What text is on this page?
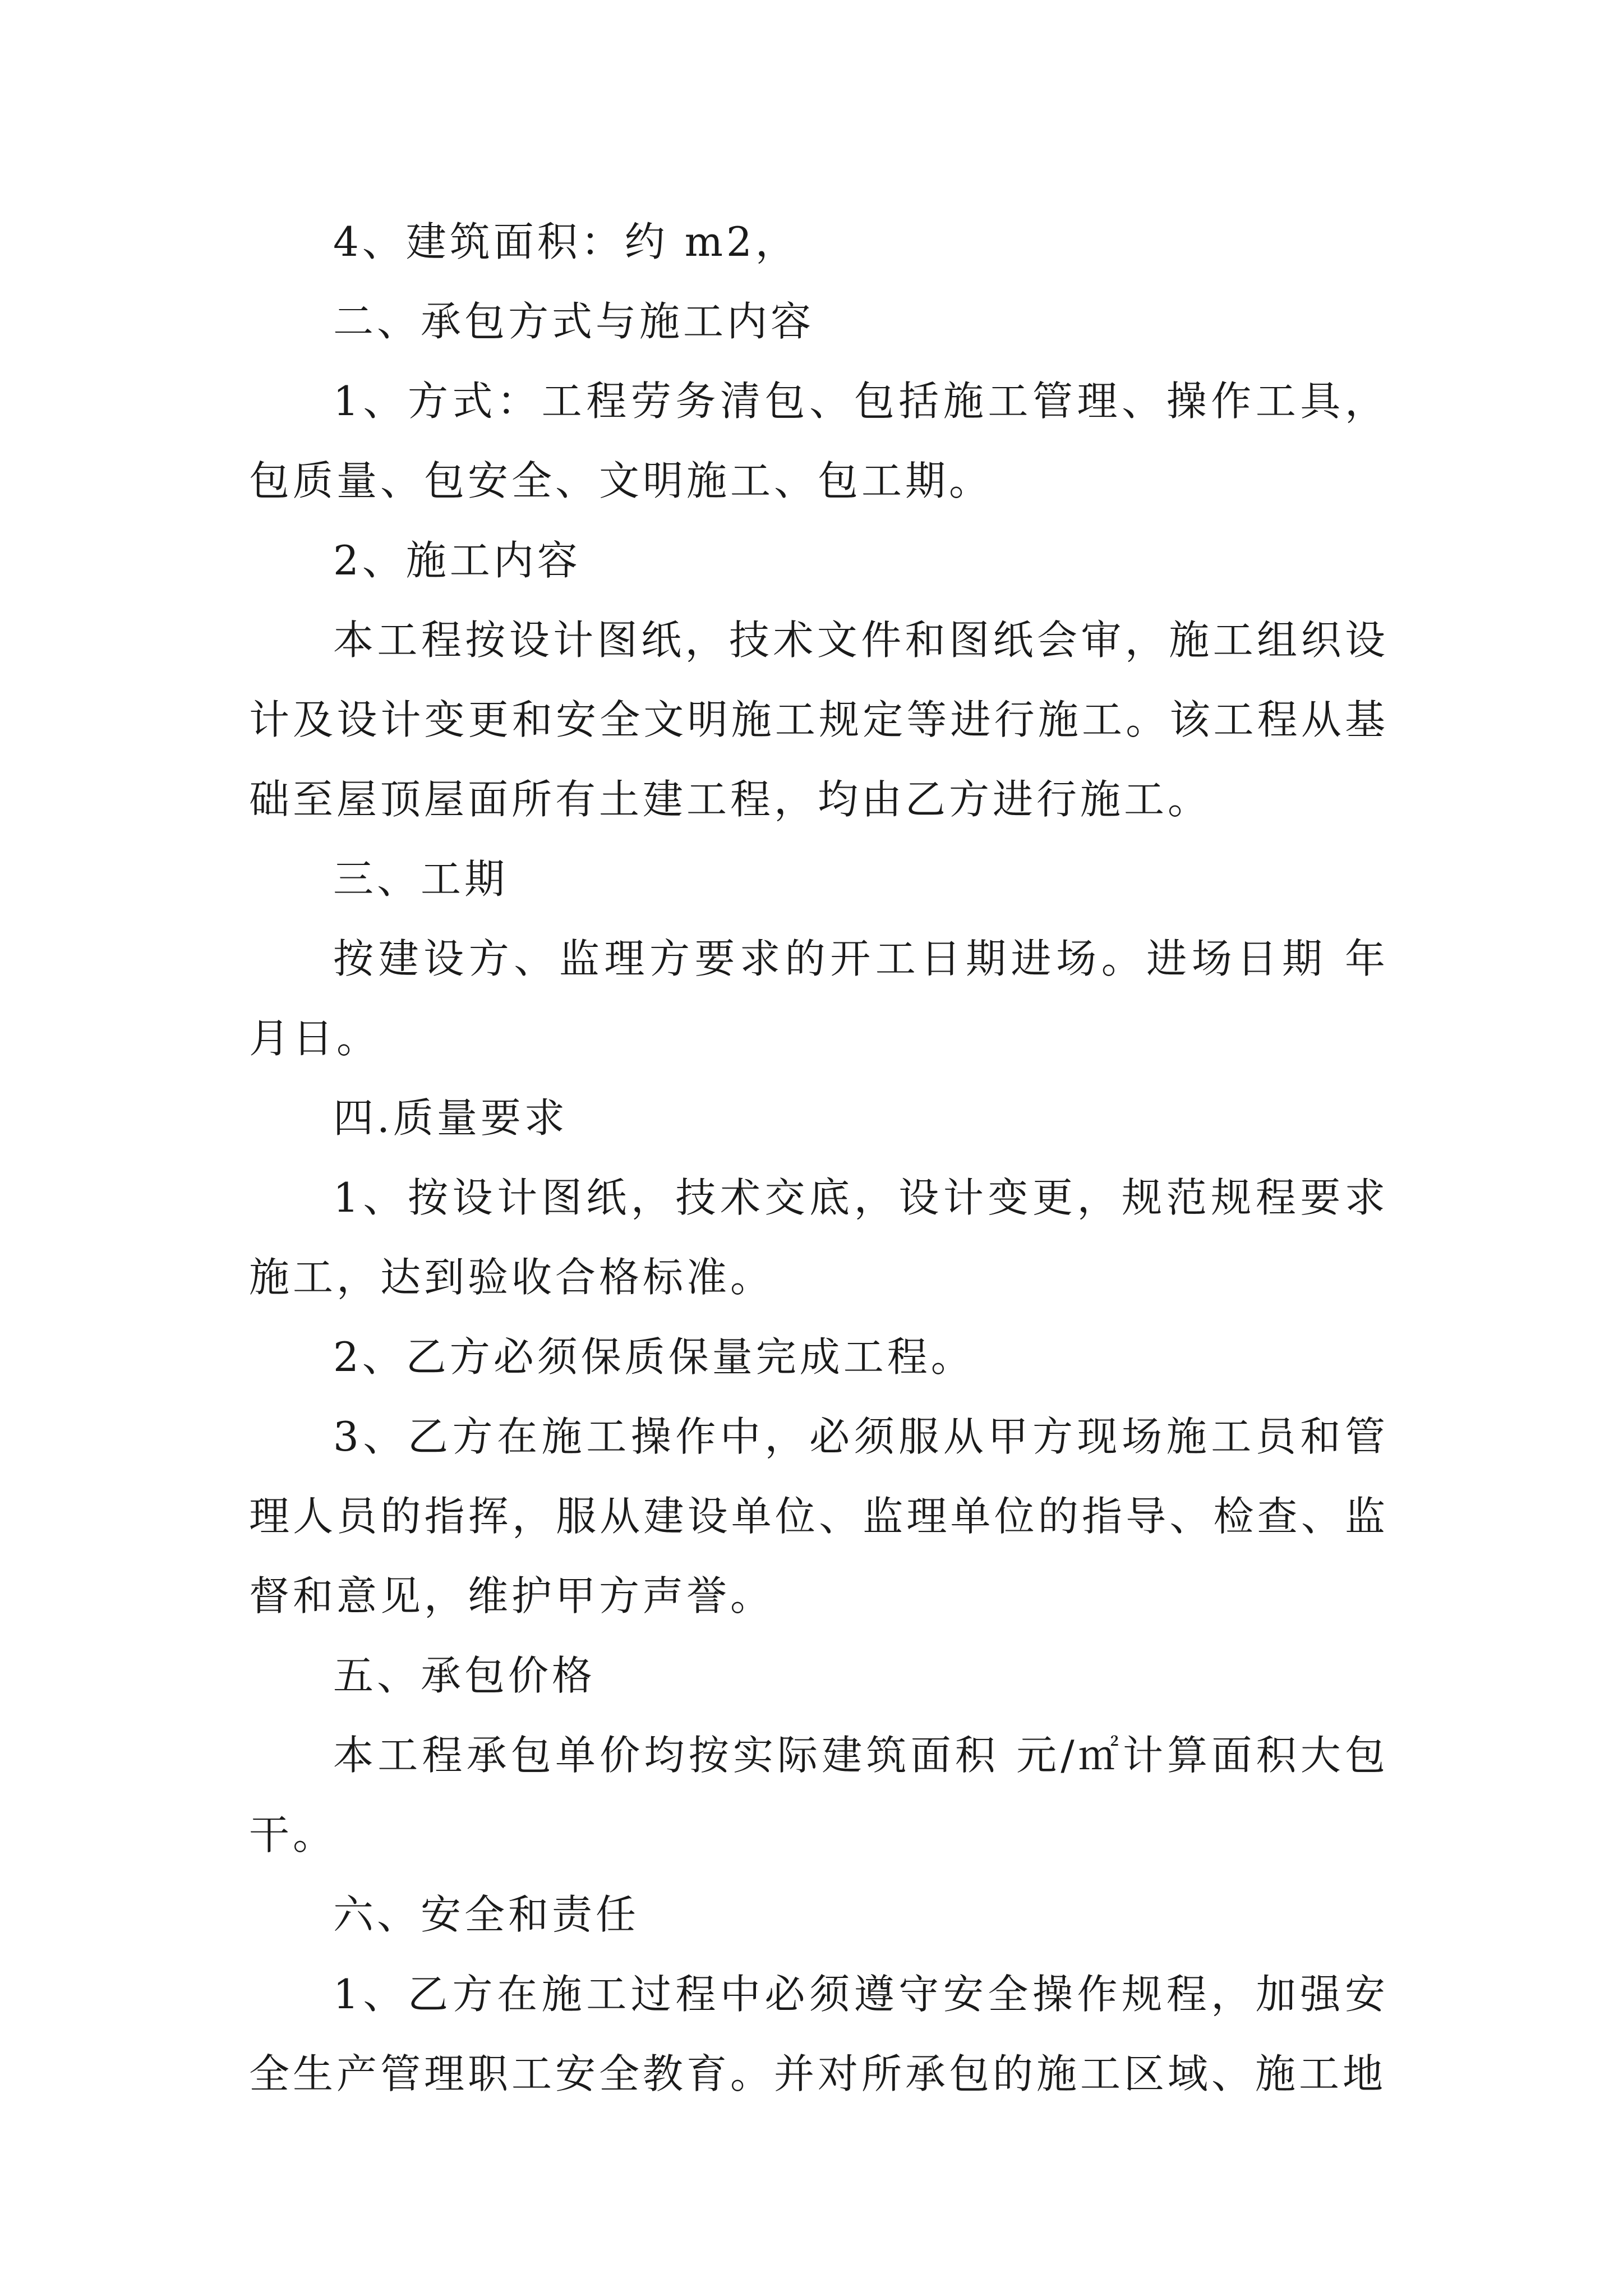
4、建筑面积：约 m2，

二、承包方式与施工内容

1、方式：工程劳务清包、包括施工管理、操作工具，包质量、包安全、文明施工、包工期。

2、施工内容

本工程按设计图纸，技术文件和图纸会审，施工组织设计及设计变更和安全文明施工规定等进行施工。该工程从基础至屋顶屋面所有土建工程，均由乙方进行施工。

三、工期

按建设方、监理方要求的开工日期进场。进场日期 年月日。

四.质量要求

1、按设计图纸，技术交底，设计变更，规范规程要求施工，达到验收合格标准。

2、乙方必须保质保量完成工程。

3、乙方在施工操作中，必须服从甲方现场施工员和管理人员的指挥，服从建设单位、监理单位的指导、检查、监督和意见，维护甲方声誉。

五、承包价格

本工程承包单价均按实际建筑面积 元/㎡计算面积大包干。

六、安全和责任

1、乙方在施工过程中必须遵守安全操作规程，加强安全生产管理职工安全教育。并对所承包的施工区域、施工地
